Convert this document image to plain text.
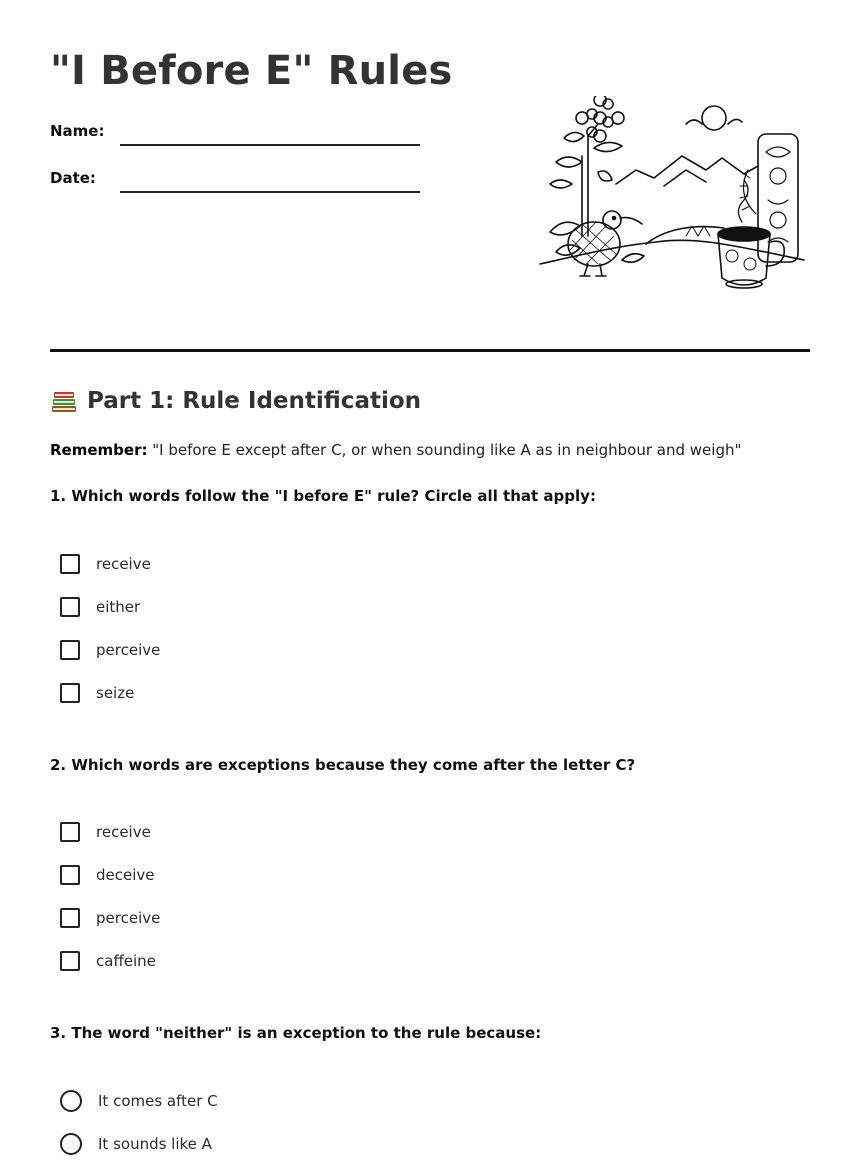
"I Before E" Rules
Name:
Date:
Part 1: Rule Identification
Remember: "I before E except after C, or when sounding like A as in neighbour and weigh"
1. Which words follow the "I before E" rule? Circle all that apply:
receive
either
perceive
seize
2. Which words are exceptions because they come after the letter C?
receive
deceive
perceive
caffeine
3. The word "neither" is an exception to the rule because:
It comes after C
It sounds like A
